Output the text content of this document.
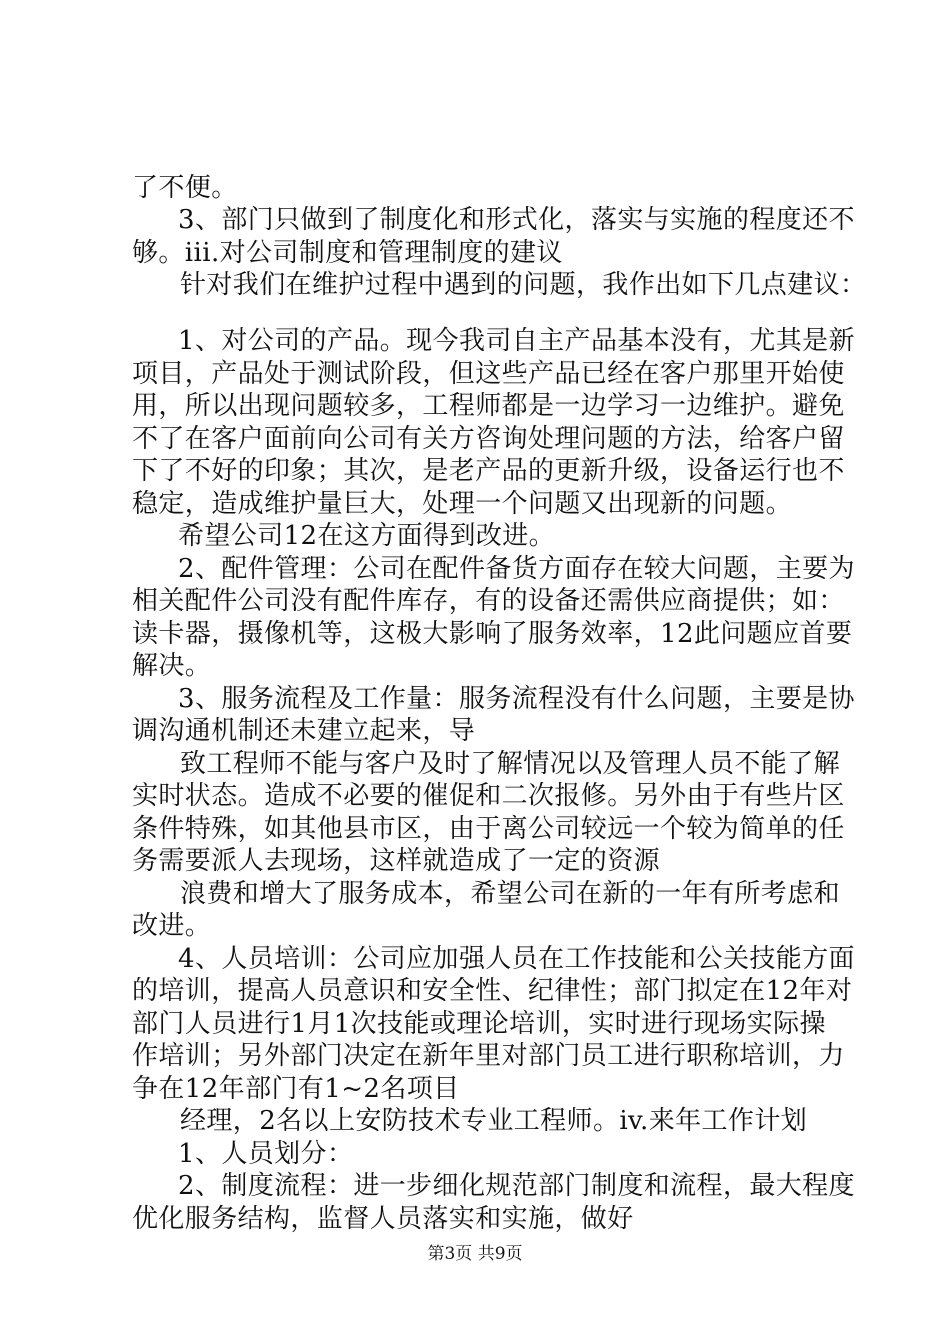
了不便。
3、部门只做到了制度化和形式化，落实与实施的程度还不
够。iii.对公司制度和管理制度的建议
针对我们在维护过程中遇到的问题，我作出如下几点建议：
1、对公司的产品。现今我司自主产品基本没有，尤其是新
项目，产品处于测试阶段，但这些产品已经在客户那里开始使
用，所以出现问题较多，工程师都是一边学习一边维护。避免
不了在客户面前向公司有关方咨询处理问题的方法，给客户留
下了不好的印象；其次，是老产品的更新升级，设备运行也不
稳定，造成维护量巨大，处理一个问题又出现新的问题。
希望公司12在这方面得到改进。
2、配件管理：公司在配件备货方面存在较大问题，主要为
相关配件公司没有配件库存，有的设备还需供应商提供；如：
读卡器，摄像机等，这极大影响了服务效率，12此问题应首要
解决。
3、服务流程及工作量：服务流程没有什么问题，主要是协
调沟通机制还未建立起来，导
致工程师不能与客户及时了解情况以及管理人员不能了解
实时状态。造成不必要的催促和二次报修。另外由于有些片区
条件特殊，如其他县市区，由于离公司较远一个较为简单的任
务需要派人去现场，这样就造成了一定的资源
浪费和增大了服务成本，希望公司在新的一年有所考虑和
改进。
4、人员培训：公司应加强人员在工作技能和公关技能方面
的培训，提高人员意识和安全性、纪律性；部门拟定在12年对
部门人员进行1月1次技能或理论培训，实时进行现场实际操
作培训；另外部门决定在新年里对部门员工进行职称培训，力
争在12年部门有1~2名项目
经理，2名以上安防技术专业工程师。iv.来年工作计划
1、人员划分：
2、制度流程：进一步细化规范部门制度和流程，最大程度
优化服务结构，监督人员落实和实施，做好
第3页 共9页
